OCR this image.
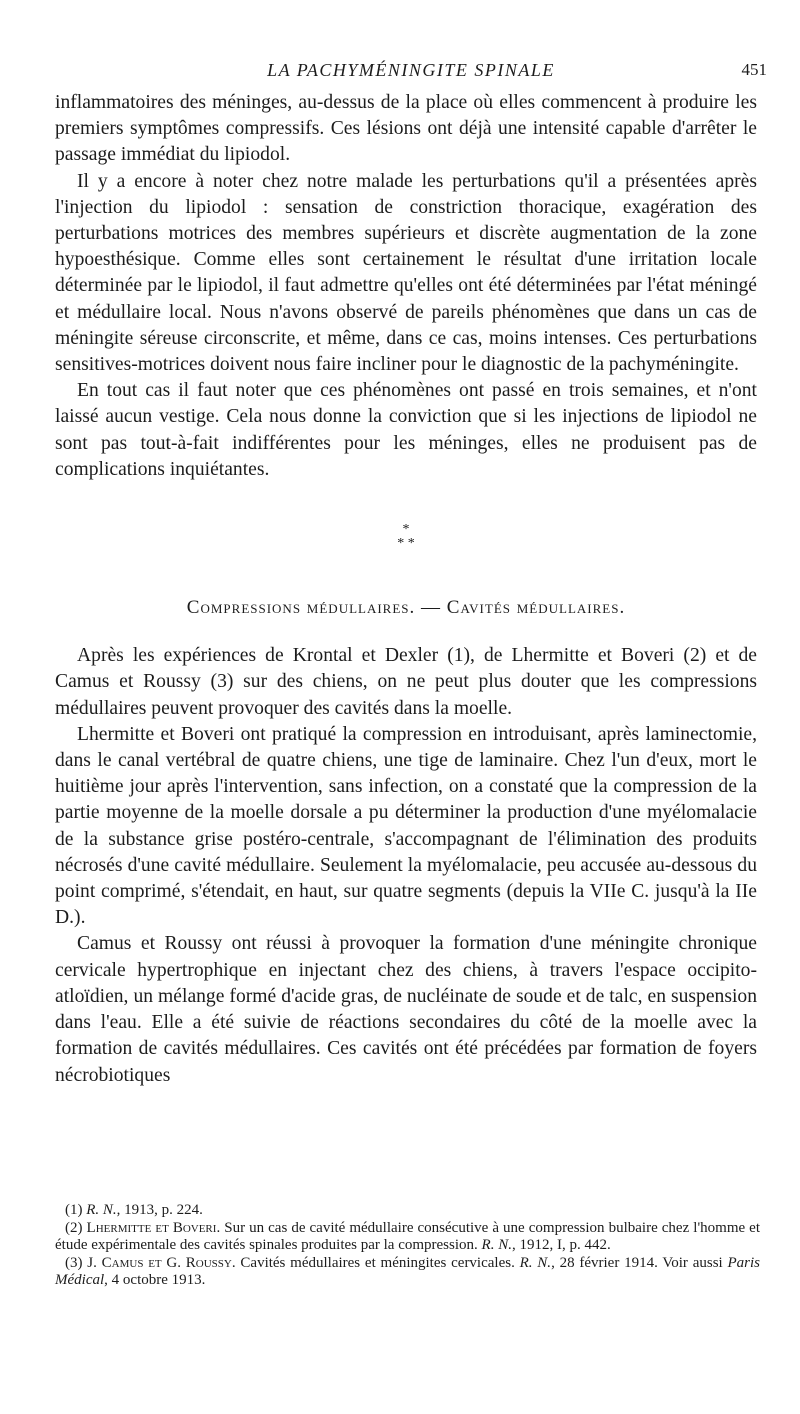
LA PACHYMÉNINGITE SPINALE	451

inflammatoires des méninges, au-dessus de la place où elles commencent à produire les premiers symptômes compressifs. Ces lésions ont déjà une intensité capable d'arrêter le passage immédiat du lipiodol.

Il y a encore à noter chez notre malade les perturbations qu'il a présentées après l'injection du lipiodol : sensation de constriction thoracique, exagération des perturbations motrices des membres supérieurs et discrète augmentation de la zone hypoesthésique. Comme elles sont certainement le résultat d'une irritation locale déterminée par le lipiodol, il faut admettre qu'elles ont été déterminées par l'état méningé et médullaire local. Nous n'avons observé de pareils phénomènes que dans un cas de méningite séreuse circonscrite, et même, dans ce cas, moins intenses. Ces perturbations sensitives-motrices doivent nous faire incliner pour le diagnostic de la pachyméningite.

En tout cas il faut noter que ces phénomènes ont passé en trois semaines, et n'ont laissé aucun vestige. Cela nous donne la conviction que si les injections de lipiodol ne sont pas tout-à-fait indifférentes pour les méninges, elles ne produisent pas de complications inquiétantes.

*
* *
Compressions médullaires. — Cavités médullaires.

Après les expériences de Krontal et Dexler (1), de Lhermitte et Boveri (2) et de Camus et Roussy (3) sur des chiens, on ne peut plus douter que les compressions médullaires peuvent provoquer des cavités dans la moelle.

Lhermitte et Boveri ont pratiqué la compression en introduisant, après laminectomie, dans le canal vertébral de quatre chiens, une tige de laminaire. Chez l'un d'eux, mort le huitième jour après l'intervention, sans infection, on a constaté que la compression de la partie moyenne de la moelle dorsale a pu déterminer la production d'une myélomalacie de la substance grise postéro-centrale, s'accompagnant de l'élimination des produits nécrosés d'une cavité médullaire. Seulement la myélomalacie, peu accusée au-dessous du point comprimé, s'étendait, en haut, sur quatre segments (depuis la VIIe C. jusqu'à la IIe D.).

Camus et Roussy ont réussi à provoquer la formation d'une méningite chronique cervicale hypertrophique en injectant chez des chiens, à travers l'espace occipito-atloïdien, un mélange formé d'acide gras, de nucléinate de soude et de talc, en suspension dans l'eau. Elle a été suivie de réactions secondaires du côté de la moelle avec la formation de cavités médullaires. Ces cavités ont été précédées par formation de foyers nécrobiotiques

(1) R. N., 1913, p. 224.

(2) Lhermitte et Boveri. Sur un cas de cavité médullaire consécutive à une compression bulbaire chez l'homme et étude expérimentale des cavités spinales produites par la compression. R. N., 1912, I, p. 442.

(3) J. Camus et G. Roussy. Cavités médullaires et méningites cervicales. R. N., 28 février 1914. Voir aussi Paris Médical, 4 octobre 1913.
